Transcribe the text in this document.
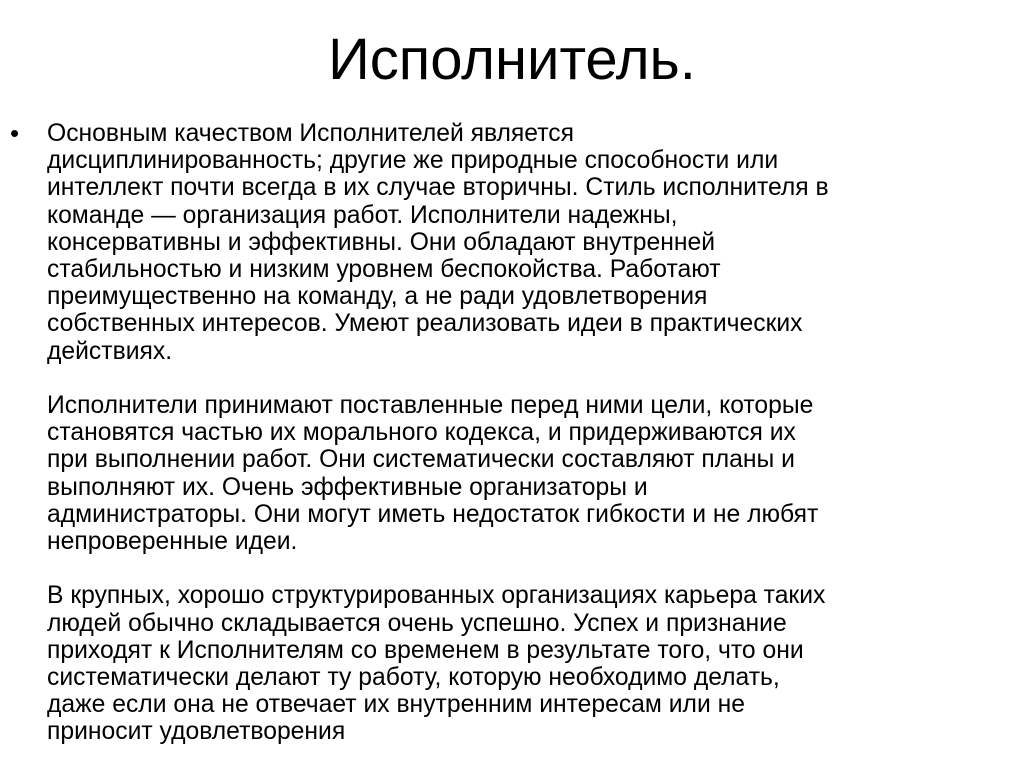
Исполнитель.
• Основным качеством Исполнителей является
дисциплинированность; другие же природные способности или
интеллект почти всегда в их случае вторичны. Стиль исполнителя в
команде — организация работ. Исполнители надежны,
консервативны и эффективны. Они обладают внутренней
стабильностью и низким уровнем беспокойства. Работают
преимущественно на команду, а не ради удовлетворения
собственных интересов. Умеют реализовать идеи в практических
действиях.

Исполнители принимают поставленные перед ними цели, которые
становятся частью их морального кодекса, и придерживаются их
при выполнении работ. Они систематически составляют планы и
выполняют их. Очень эффективные организаторы и
администраторы. Они могут иметь недостаток гибкости и не любят
непроверенные идеи.

В крупных, хорошо структурированных организациях карьера таких
людей обычно складывается очень успешно. Успех и признание
приходят к Исполнителям со временем в результате того, что они
систематически делают ту работу, которую необходимо делать,
даже если она не отвечает их внутренним интересам или не
приносит удовлетворения
